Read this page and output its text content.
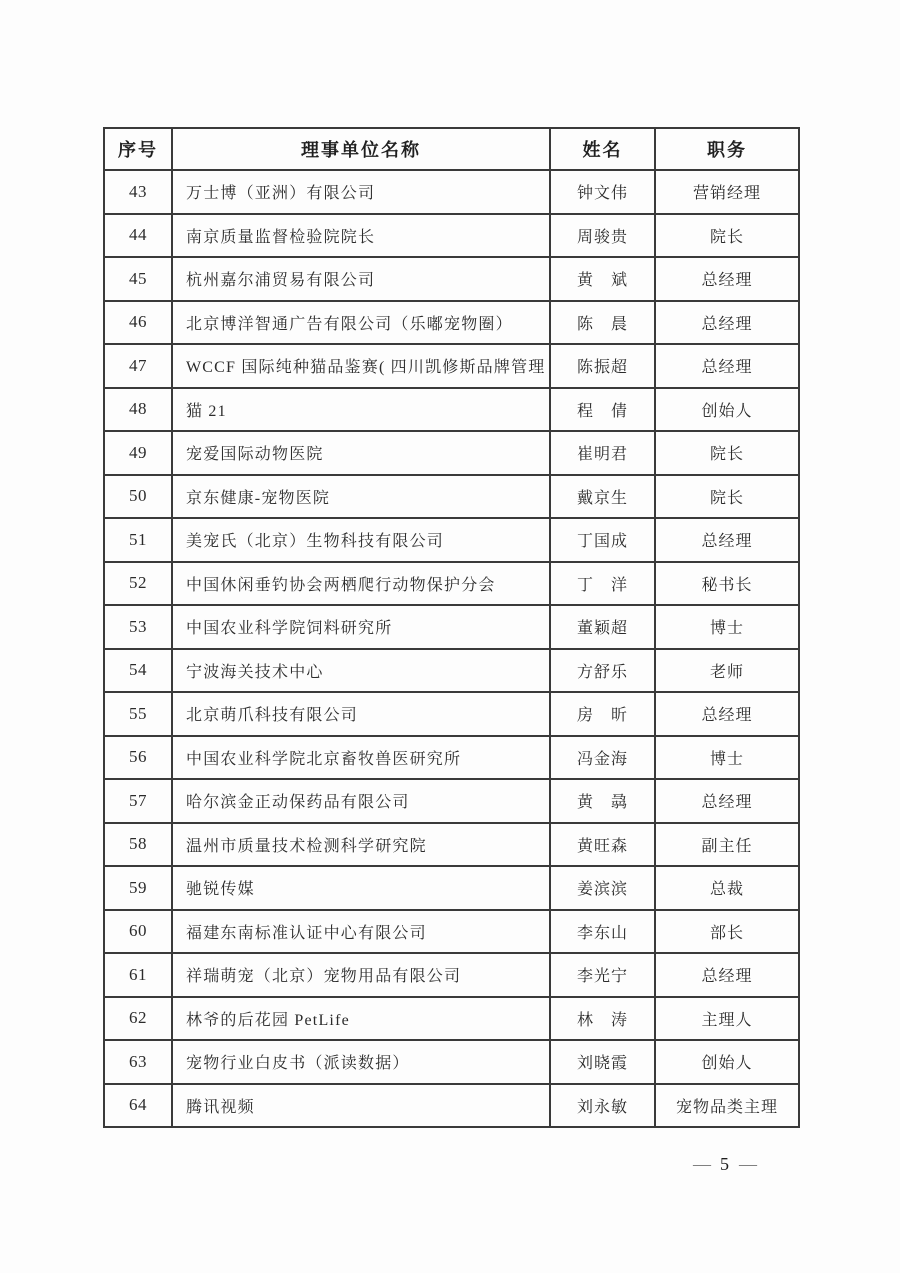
序号	理事单位名称	姓名	职务
43	万士博（亚洲）有限公司	钟文伟	营销经理
44	南京质量监督检验院院长	周骏贵	院长
45	杭州嘉尔浦贸易有限公司	黄　斌	总经理
46	北京博洋智通广告有限公司（乐嘟宠物圈）	陈　晨	总经理
47	WCCF 国际纯种猫品鉴赛( 四川凯修斯品牌管理	陈振超	总经理
48	猫 21	程　倩	创始人
49	宠爱国际动物医院	崔明君	院长
50	京东健康-宠物医院	戴京生	院长
51	美宠氏（北京）生物科技有限公司	丁国成	总经理
52	中国休闲垂钓协会两栖爬行动物保护分会	丁　洋	秘书长
53	中国农业科学院饲料研究所	董颖超	博士
54	宁波海关技术中心	方舒乐	老师
55	北京萌爪科技有限公司	房　昕	总经理
56	中国农业科学院北京畜牧兽医研究所	冯金海	博士
57	哈尔滨金正动保药品有限公司	黄　骉	总经理
58	温州市质量技术检测科学研究院	黄旺森	副主任
59	驰锐传媒	姜滨滨	总裁
60	福建东南标准认证中心有限公司	李东山	部长
61	祥瑞萌宠（北京）宠物用品有限公司	李光宁	总经理
62	林爷的后花园 PetLife	林　涛	主理人
63	宠物行业白皮书（派读数据）	刘晓霞	创始人
64	腾讯视频	刘永敏	宠物品类主理
— 5 —
